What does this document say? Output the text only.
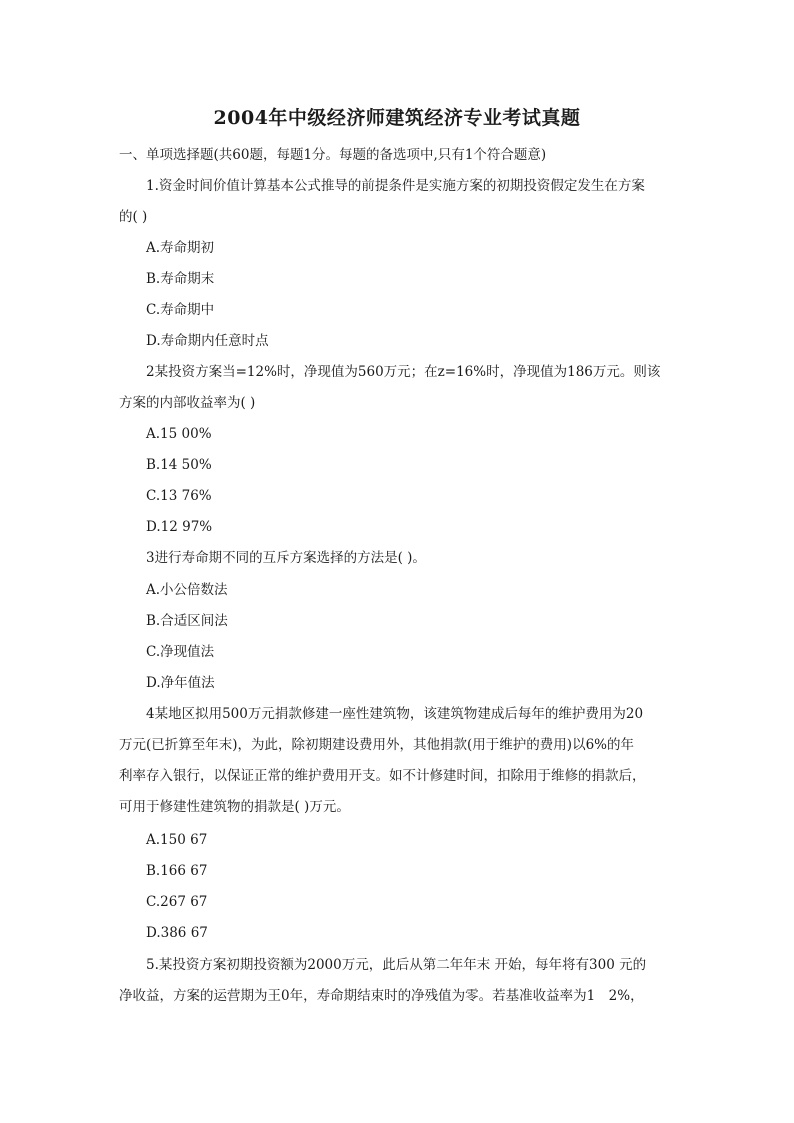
2004年中级经济师建筑经济专业考试真题
一、单项选择题(共60题，每题1分。每题的备选项中,只有1个符合题意)
1.资金时间价值计算基本公式推导的前提条件是实施方案的初期投资假定发生在方案
的( )
A.寿命期初
B.寿命期末
C.寿命期中
D.寿命期内任意时点
2某投资方案当=12%时，净现值为560万元；在z=16%时，净现值为186万元。则该
方案的内部收益率为( )
A.15 00%
B.14 50%
C.13 76%
D.12 97%
3进行寿命期不同的互斥方案选择的方法是( )。
A.小公倍数法
B.合适区间法
C.净现值法
D.净年值法
4某地区拟用500万元捐款修建一座性建筑物，该建筑物建成后每年的维护费用为20
万元(已折算至年末)，为此，除初期建设费用外，其他捐款(用于维护的费用)以6%的年
利率存入银行，以保证正常的维护费用开支。如不计修建时间，扣除用于维修的捐款后，
可用于修建性建筑物的捐款是( )万元。
A.150 67
B.166 67
C.267 67
D.386 67
5.某投资方案初期投资额为2000万元，此后从第二年年末 开始，每年将有300 元的
净收益，方案的运营期为王0年，寿命期结束时的净残值为零。若基准收益率为1　2%，
